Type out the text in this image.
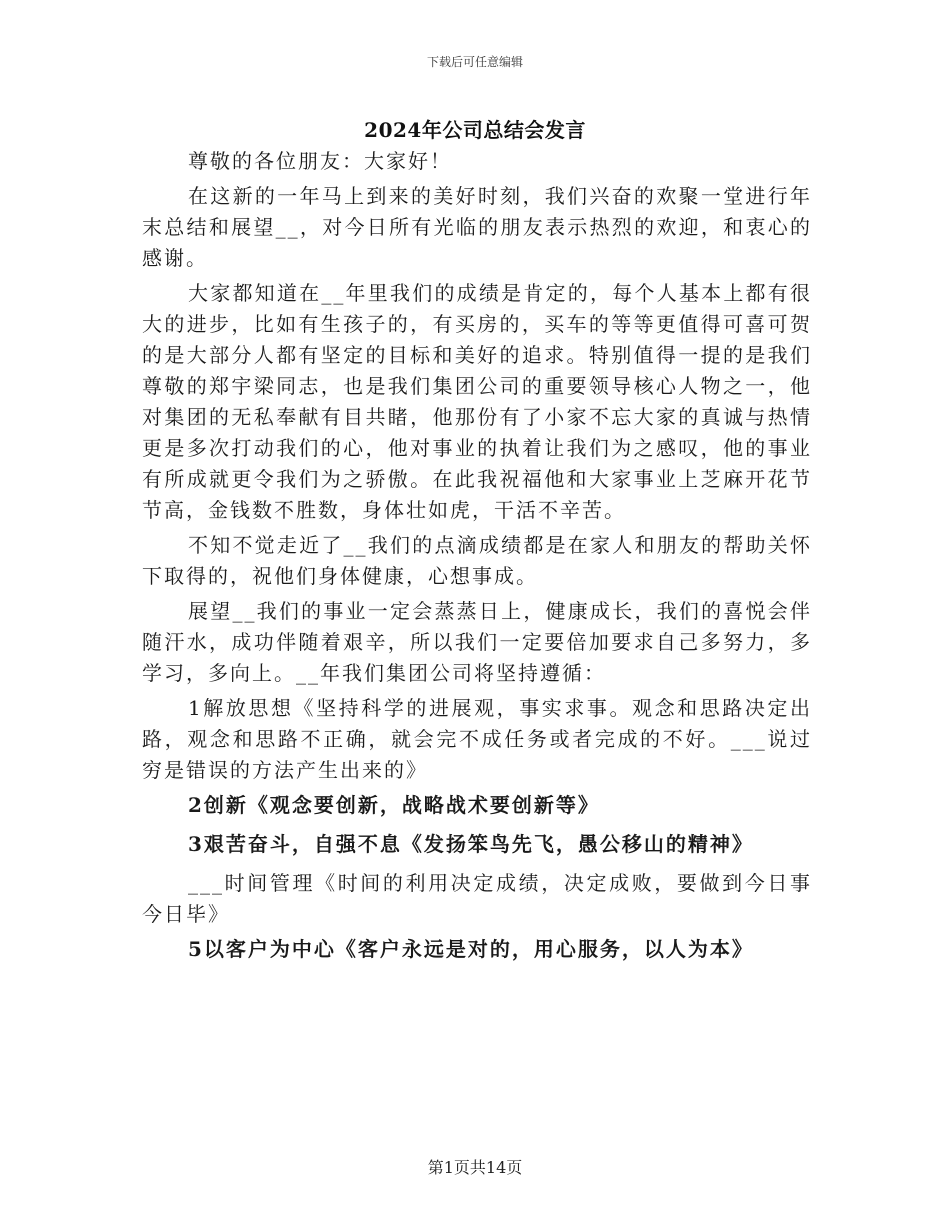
下载后可任意编辑
2024年公司总结会发言

尊敬的各位朋友：大家好！

在这新的一年马上到来的美好时刻，我们兴奋的欢聚一堂进行年末总结和展望__，对今日所有光临的朋友表示热烈的欢迎，和衷心的感谢。

大家都知道在__年里我们的成绩是肯定的，每个人基本上都有很大的进步，比如有生孩子的，有买房的，买车的等等更值得可喜可贺的是大部分人都有坚定的目标和美好的追求。特别值得一提的是我们尊敬的郑宇梁同志，也是我们集团公司的重要领导核心人物之一，他对集团的无私奉献有目共睹，他那份有了小家不忘大家的真诚与热情更是多次打动我们的心，他对事业的执着让我们为之感叹，他的事业有所成就更令我们为之骄傲。在此我祝福他和大家事业上芝麻开花节节高，金钱数不胜数，身体壮如虎，干活不辛苦。

不知不觉走近了__我们的点滴成绩都是在家人和朋友的帮助关怀下取得的，祝他们身体健康，心想事成。

展望__我们的事业一定会蒸蒸日上，健康成长，我们的喜悦会伴随汗水，成功伴随着艰辛，所以我们一定要倍加要求自己多努力，多学习，多向上。__年我们集团公司将坚持遵循：

1解放思想《坚持科学的进展观，事实求事。观念和思路决定出路，观念和思路不正确，就会完不成任务或者完成的不好。___说过穷是错误的方法产生出来的》

2创新《观念要创新，战略战术要创新等》

3艰苦奋斗，自强不息《发扬笨鸟先飞，愚公移山的精神》

___时间管理《时间的利用决定成绩，决定成败，要做到今日事今日毕》

5以客户为中心《客户永远是对的，用心服务，以人为本》

第1页共14页
